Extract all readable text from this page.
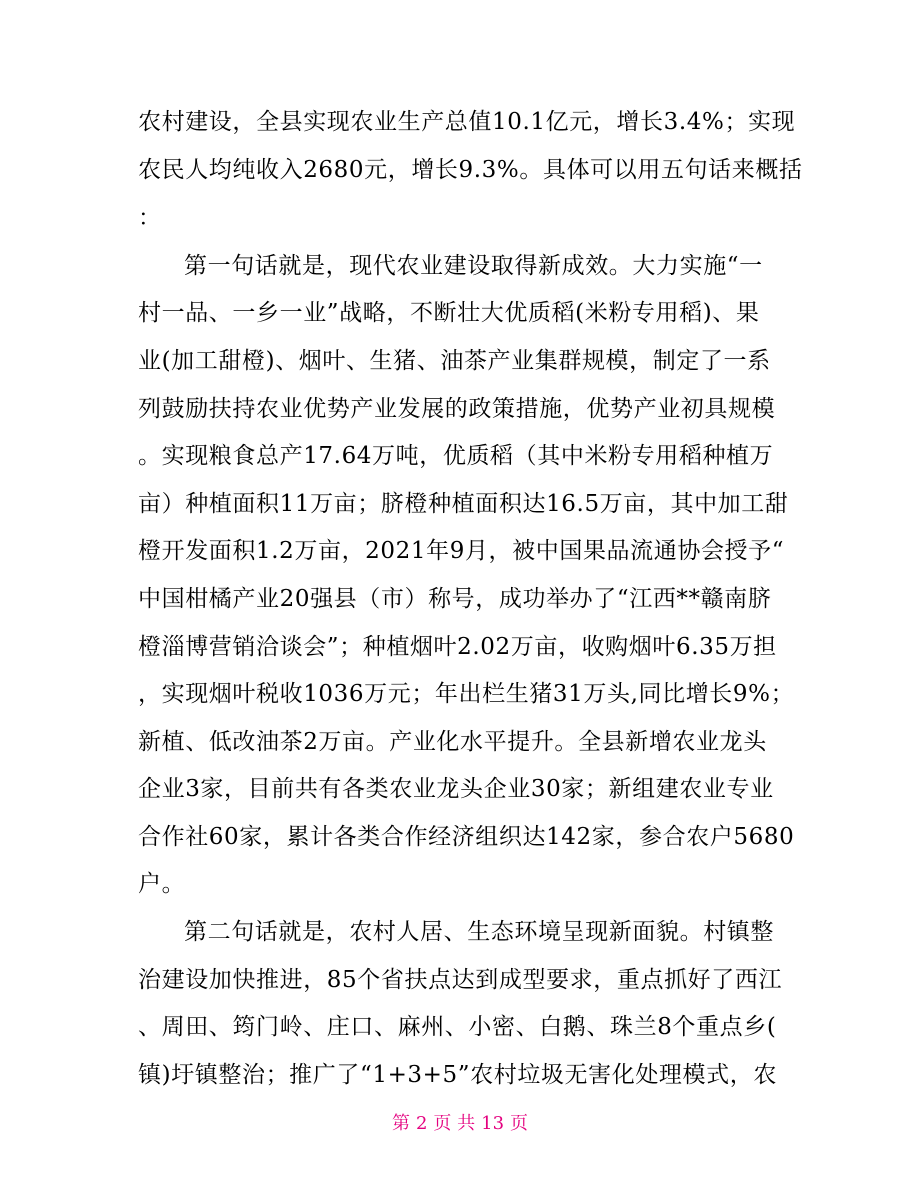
农村建设，全县实现农业生产总值10.1亿元，增长3.4%；实现
农民人均纯收入2680元，增长9.3%。具体可以用五句话来概括
：
第一句话就是，现代农业建设取得新成效。大力实施“一
村一品、一乡一业”战略，不断壮大优质稻(米粉专用稻)、果
业(加工甜橙)、烟叶、生猪、油茶产业集群规模，制定了一系
列鼓励扶持农业优势产业发展的政策措施，优势产业初具规模
。实现粮食总产17.64万吨，优质稻（其中米粉专用稻种植万
亩）种植面积11万亩；脐橙种植面积达16.5万亩，其中加工甜
橙开发面积1.2万亩，2021年9月，被中国果品流通协会授予“
中国柑橘产业20强县（市）称号，成功举办了“江西**赣南脐
橙淄博营销洽谈会”；种植烟叶2.02万亩，收购烟叶6.35万担
，实现烟叶税收1036万元；年出栏生猪31万头,同比增长9%；
新植、低改油茶2万亩。产业化水平提升。全县新增农业龙头
企业3家，目前共有各类农业龙头企业30家；新组建农业专业
合作社60家，累计各类合作经济组织达142家，参合农户5680
户。
第二句话就是，农村人居、生态环境呈现新面貌。村镇整
治建设加快推进，85个省扶点达到成型要求，重点抓好了西江
、周田、筠门岭、庄口、麻州、小密、白鹅、珠兰8个重点乡(
镇)圩镇整治；推广了“1+3+5”农村垃圾无害化处理模式，农
第 2 页 共 13 页
